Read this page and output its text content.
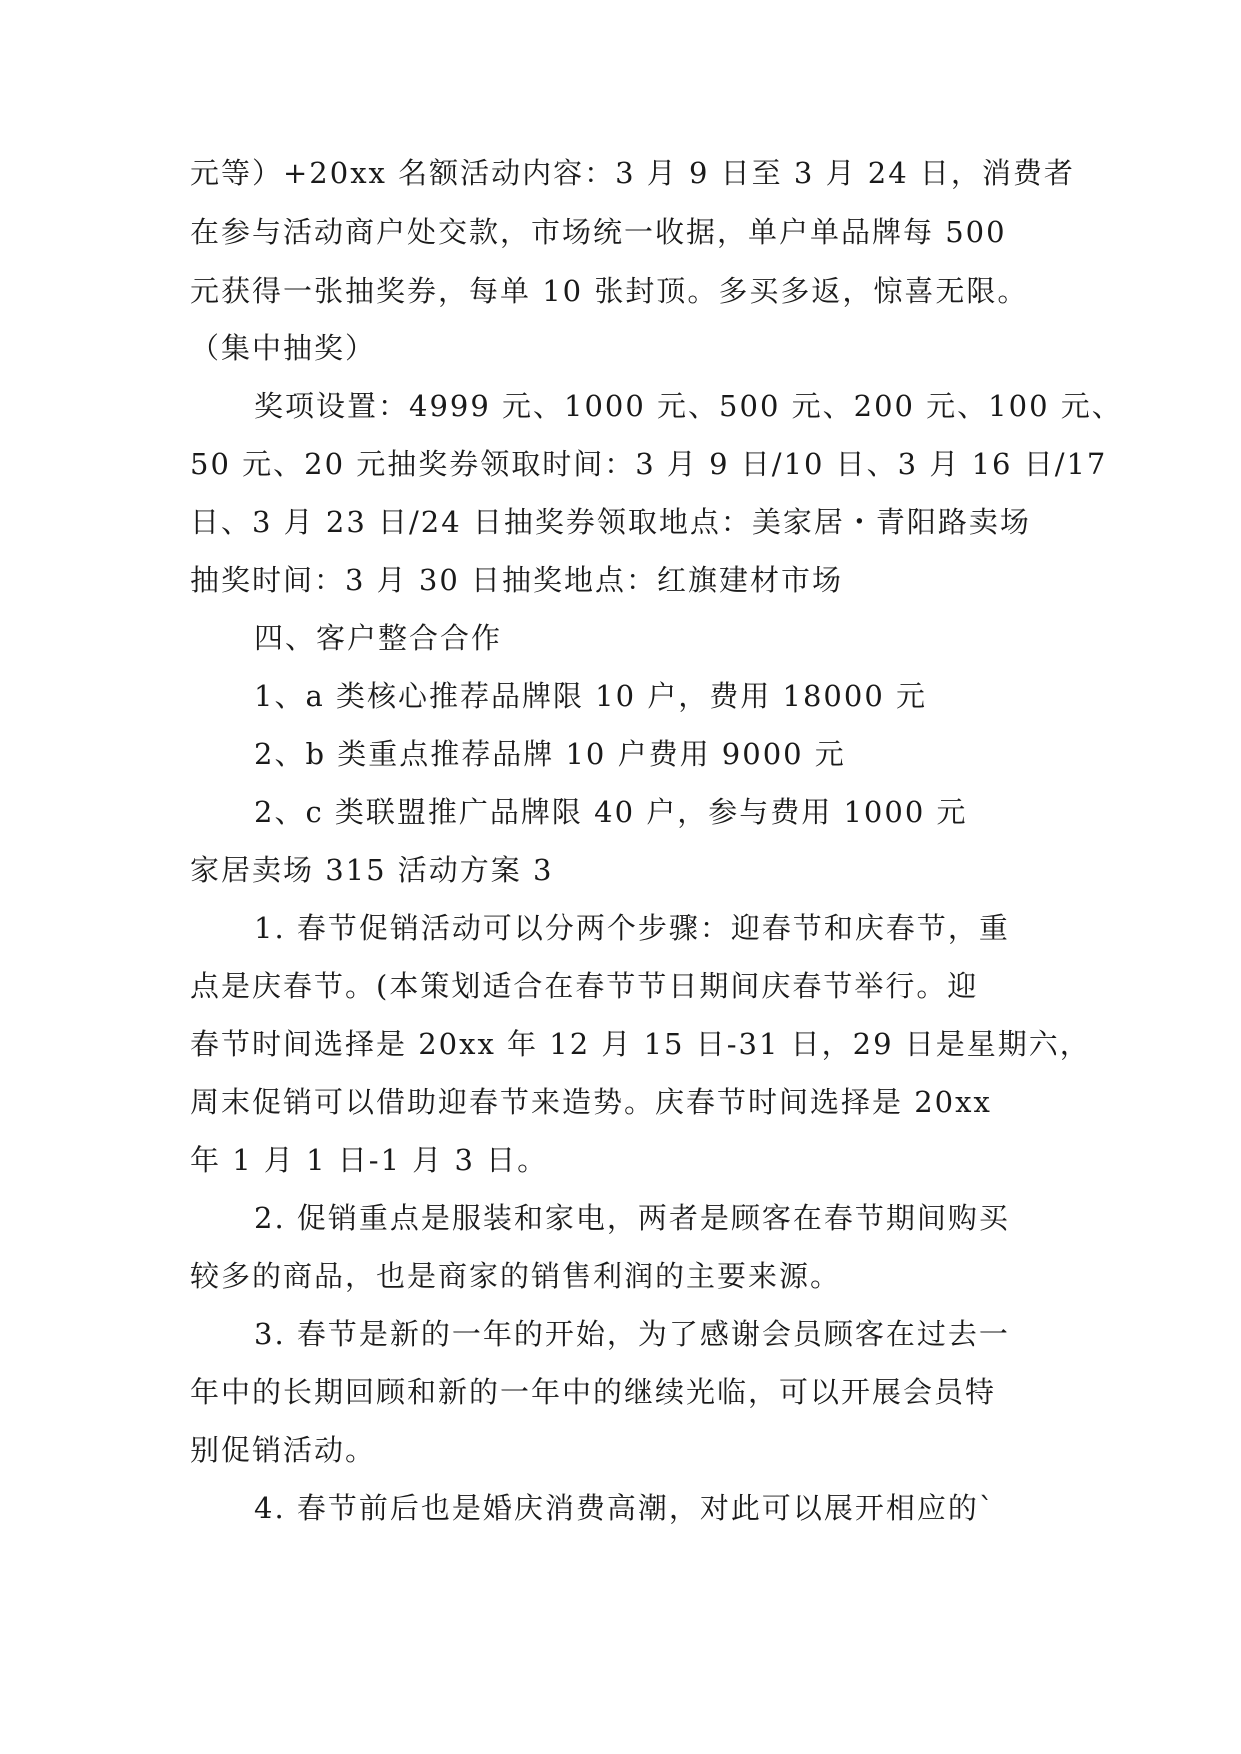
元等）+20xx 名额活动内容：3 月 9 日至 3 月 24 日，消费者
在参与活动商户处交款，市场统一收据，单户单品牌每 500
元获得一张抽奖券，每单 10 张封顶。多买多返，惊喜无限。
（集中抽奖）
奖项设置：4999 元、1000 元、500 元、200 元、100 元、
50 元、20 元抽奖券领取时间：3 月 9 日/10 日、3 月 16 日/17
日、3 月 23 日/24 日抽奖券领取地点：美家居・青阳路卖场
抽奖时间：3 月 30 日抽奖地点：红旗建材市场
四、客户整合合作
1、a 类核心推荐品牌限 10 户，费用 18000 元
2、b 类重点推荐品牌 10 户费用 9000 元
2、c 类联盟推广品牌限 40 户，参与费用 1000 元
家居卖场 315 活动方案 3
1. 春节促销活动可以分两个步骤：迎春节和庆春节，重
点是庆春节。(本策划适合在春节节日期间庆春节举行。迎
春节时间选择是 20xx 年 12 月 15 日-31 日，29 日是星期六，
周末促销可以借助迎春节来造势。庆春节时间选择是 20xx
年 1 月 1 日-1 月 3 日。
2. 促销重点是服装和家电，两者是顾客在春节期间购买
较多的商品，也是商家的销售利润的主要来源。
3. 春节是新的一年的开始，为了感谢会员顾客在过去一
年中的长期回顾和新的一年中的继续光临，可以开展会员特
别促销活动。
4. 春节前后也是婚庆消费高潮，对此可以展开相应的`
